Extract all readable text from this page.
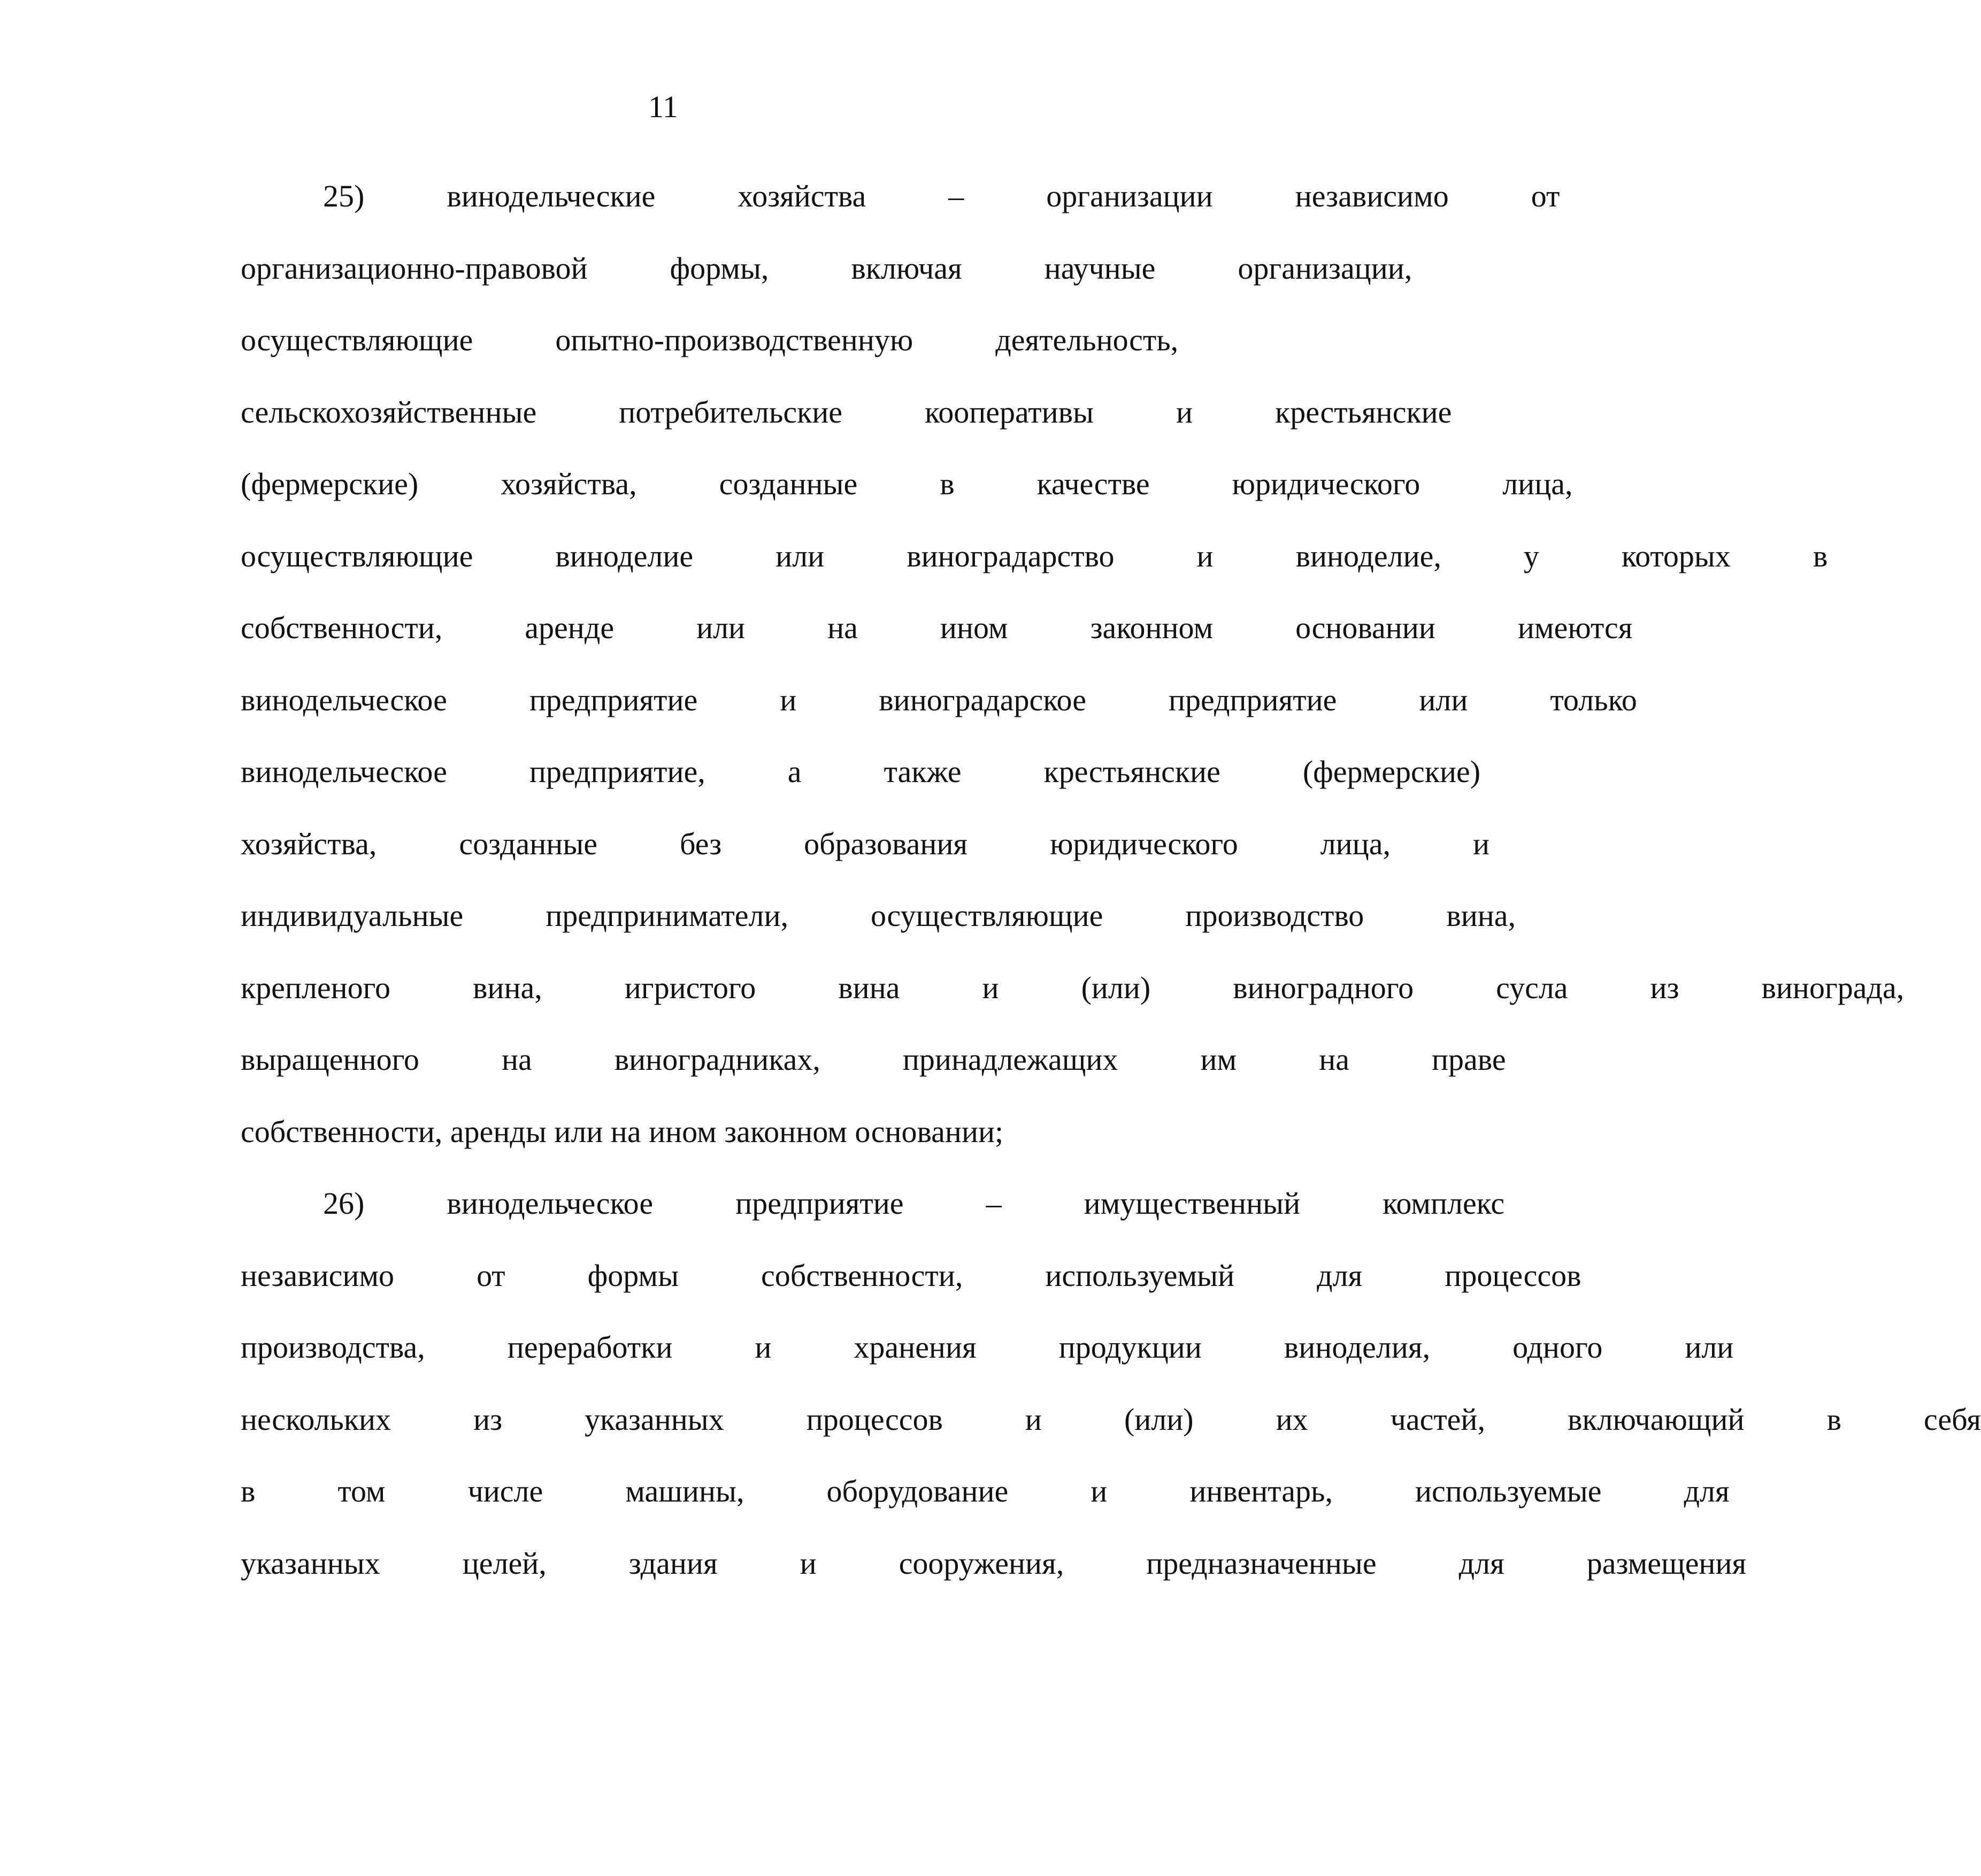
11
25)	винодельческие	хозяйства	–	организации	независимо	от
организационно-правовой	формы,	включая	научные	организации,
осуществляющие	опытно-производственную	деятельность,
сельскохозяйственные	потребительские	кооперативы	и	крестьянские
(фермерские)	хозяйства,	созданные	в	качестве	юридического	лица,
осуществляющие	виноделие	или	виноградарство	и	виноделие,	у	которых	в
собственности,	аренде	или	на	ином	законном	основании	имеются
винодельческое	предприятие	и	виноградарское	предприятие	или	только
винодельческое	предприятие,	а	также	крестьянские	(фермерские)
хозяйства,	созданные	без	образования	юридического	лица,	и
индивидуальные	предприниматели,	осуществляющие	производство	вина,
крепленого	вина,	игристого	вина	и	(или)	виноградного	сусла	из	винограда,
выращенного	на	виноградниках,	принадлежащих	им	на	праве
собственности, аренды или на ином законном основании;
26)	винодельческое	предприятие	–	имущественный	комплекс
независимо	от	формы	собственности,	используемый	для	процессов
производства,	переработки	и	хранения	продукции	виноделия,	одного	или
нескольких	из	указанных	процессов	и	(или)	их	частей,	включающий	в	себя
в	том	числе	машины,	оборудование	и	инвентарь,	используемые	для
указанных	целей,	здания	и	сооружения,	предназначенные	для	размещения
